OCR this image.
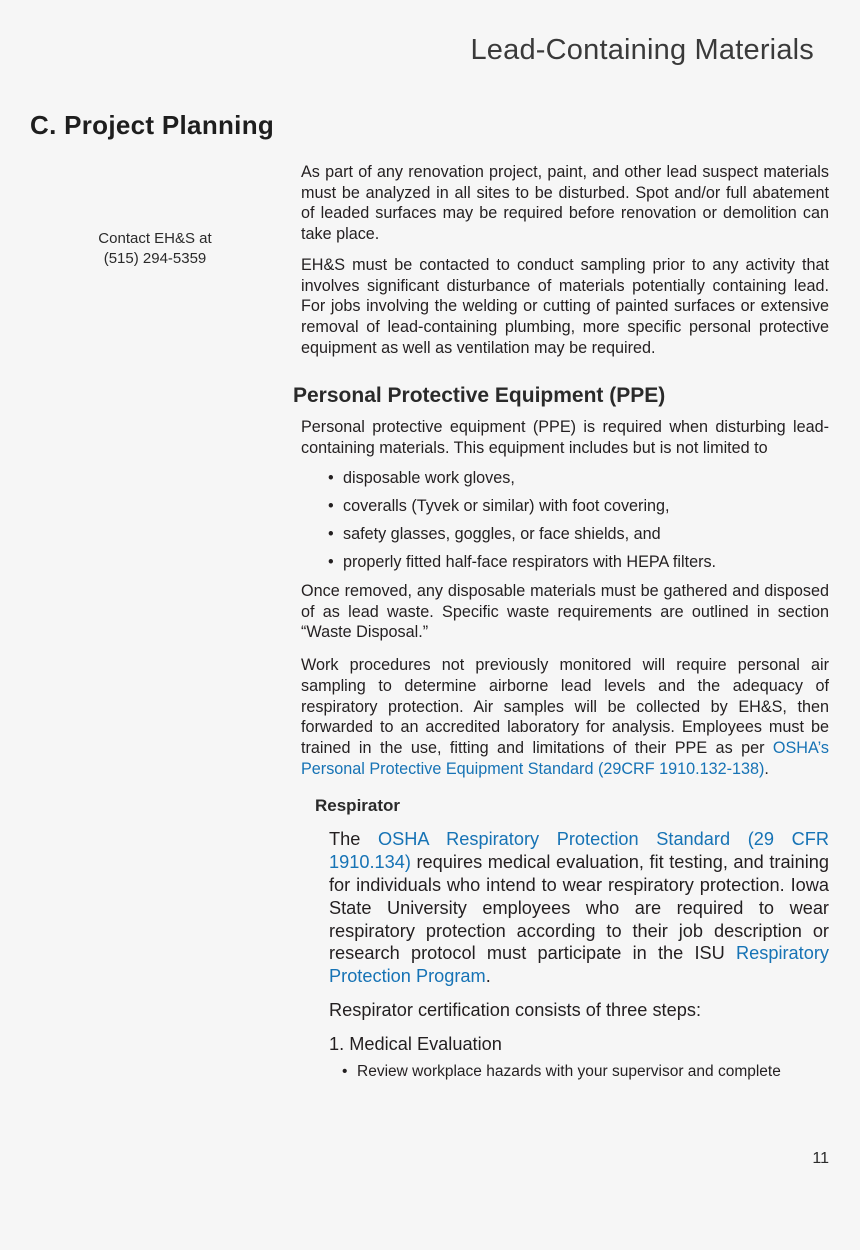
Lead-Containing Materials
C. Project Planning
Contact EH&S at
(515) 294-5359

As part of any renovation project, paint, and other lead suspect materials must be analyzed in all sites to be disturbed. Spot and/or full abatement of leaded surfaces may be required before renovation or demolition can take place.

EH&S must be contacted to conduct sampling prior to any activity that involves significant disturbance of materials potentially containing lead. For jobs involving the welding or cutting of painted surfaces or extensive removal of lead-containing plumbing, more specific personal protective equipment as well as ventilation may be required.

Personal Protective Equipment (PPE)

Personal protective equipment (PPE) is required when disturbing lead-containing materials. This equipment includes but is not limited to

• disposable work gloves,
• coveralls (Tyvek or similar) with foot covering,
• safety glasses, goggles, or face shields, and
• properly fitted half-face respirators with HEPA filters.

Once removed, any disposable materials must be gathered and disposed of as lead waste. Specific waste requirements are outlined in section “Waste Disposal.”

Work procedures not previously monitored will require personal air sampling to determine airborne lead levels and the adequacy of respiratory protection. Air samples will be collected by EH&S, then forwarded to an accredited laboratory for analysis. Employees must be trained in the use, fitting and limitations of their PPE as per OSHA’s Personal Protective Equipment Standard (29CRF 1910.132-138).

Respirator

The OSHA Respiratory Protection Standard (29 CFR 1910.134) requires medical evaluation, fit testing, and training for individuals who intend to wear respiratory protection. Iowa State University employees who are required to wear respiratory protection according to their job description or research protocol must participate in the ISU Respiratory Protection Program.

Respirator certification consists of three steps:

1. Medical Evaluation

• Review workplace hazards with your supervisor and complete
11
